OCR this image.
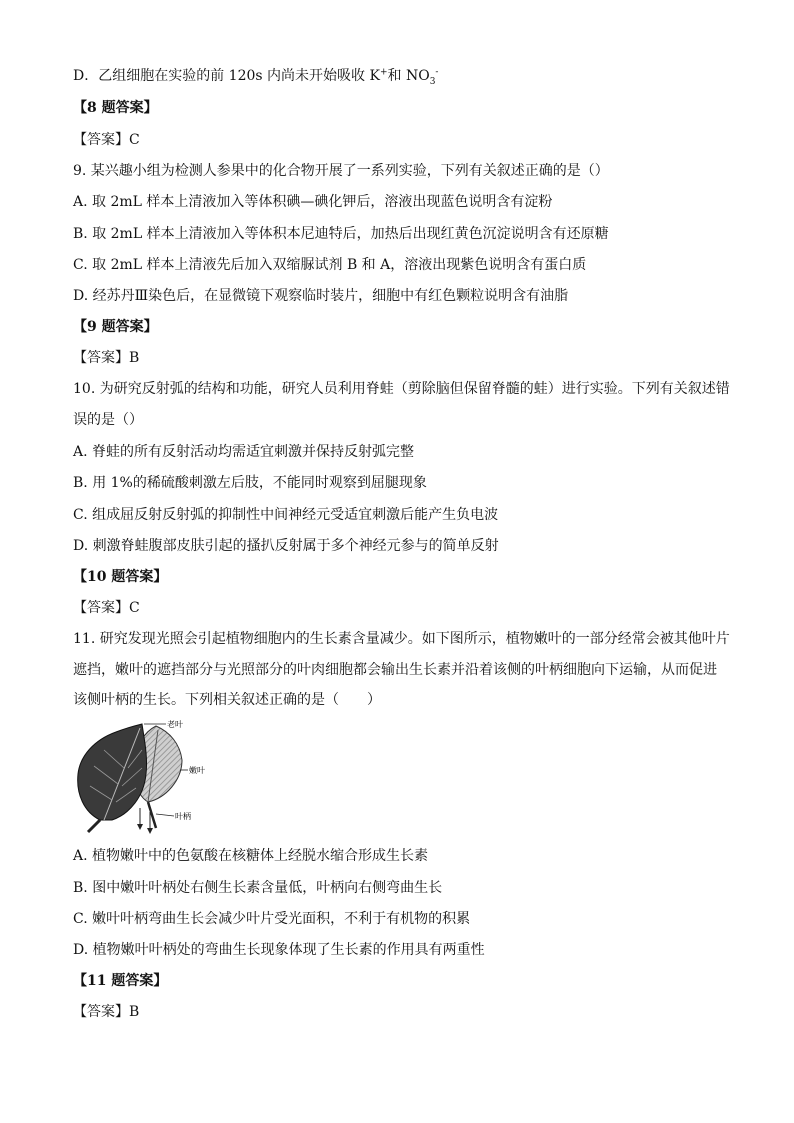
D．乙组细胞在实验的前 120s 内尚未开始吸收 K+和 $NO_3^-$
【8 题答案】
【答案】C
9. 某兴趣小组为检测人参果中的化合物开展了一系列实验，下列有关叙述正确的是（）
A. 取 2mL 样本上清液加入等体积碘—碘化钾后，溶液出现蓝色说明含有淀粉
B. 取 2mL 样本上清液加入等体积本尼迪特后，加热后出现红黄色沉淀说明含有还原糖
C. 取 2mL 样本上清液先后加入双缩脲试剂 B 和 A，溶液出现紫色说明含有蛋白质
D. 经苏丹Ⅲ染色后，在显微镜下观察临时装片，细胞中有红色颗粒说明含有油脂
【9 题答案】
【答案】B
10. 为研究反射弧的结构和功能，研究人员利用脊蛙（剪除脑但保留脊髓的蛙）进行实验。下列有关叙述错
误的是（）
A. 脊蛙的所有反射活动均需适宜刺激并保持反射弧完整
B. 用 1%的稀硫酸刺激左后肢，不能同时观察到屈腿现象
C. 组成屈反射反射弧的抑制性中间神经元受适宜刺激后能产生负电波
D. 刺激脊蛙腹部皮肤引起的搔扒反射属于多个神经元参与的简单反射
【10 题答案】
【答案】C
11. 研究发现光照会引起植物细胞内的生长素含量减少。如下图所示，植物嫩叶的一部分经常会被其他叶片
遮挡，嫩叶的遮挡部分与光照部分的叶肉细胞都会输出生长素并沿着该侧的叶柄细胞向下运输，从而促进
该侧叶柄的生长。下列相关叙述正确的是（　　）
老叶
嫩叶
叶柄
A. 植物嫩叶中的色氨酸在核糖体上经脱水缩合形成生长素
B. 图中嫩叶叶柄处右侧生长素含量低，叶柄向右侧弯曲生长
C. 嫩叶叶柄弯曲生长会减少叶片受光面积，不利于有机物的积累
D. 植物嫩叶叶柄处的弯曲生长现象体现了生长素的作用具有两重性
【11 题答案】
【答案】B
